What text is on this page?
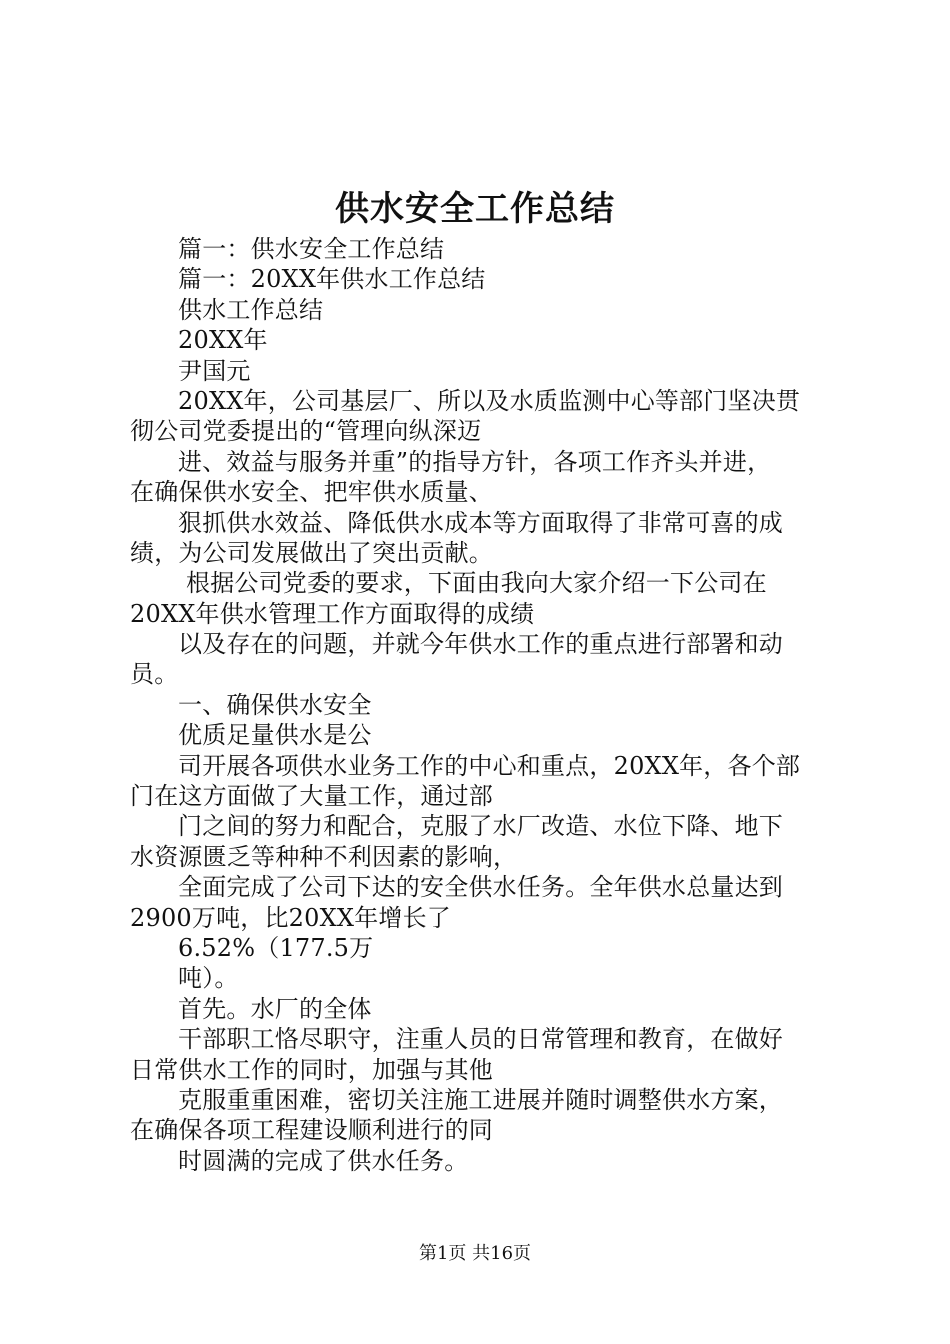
供水安全工作总结
篇一：供水安全工作总结
篇一：20XX年供水工作总结
供水工作总结
20XX年
尹国元
20XX年，公司基层厂、所以及水质监测中心等部门坚决贯
彻公司党委提出的“管理向纵深迈
进、效益与服务并重”的指导方针，各项工作齐头并进，
在确保供水安全、把牢供水质量、
狠抓供水效益、降低供水成本等方面取得了非常可喜的成
绩，为公司发展做出了突出贡献。
根据公司党委的要求，下面由我向大家介绍一下公司在
20XX年供水管理工作方面取得的成绩
以及存在的问题，并就今年供水工作的重点进行部署和动
员。
一、确保供水安全
优质足量供水是公
司开展各项供水业务工作的中心和重点，20XX年，各个部
门在这方面做了大量工作，通过部
门之间的努力和配合，克服了水厂改造、水位下降、地下
水资源匮乏等种种不利因素的影响，
全面完成了公司下达的安全供水任务。全年供水总量达到
2900万吨，比20XX年增长了
6.52%（177.5万
吨）。
首先。水厂的全体
干部职工恪尽职守，注重人员的日常管理和教育，在做好
日常供水工作的同时，加强与其他
克服重重困难，密切关注施工进展并随时调整供水方案，
在确保各项工程建设顺利进行的同
时圆满的完成了供水任务。
第1页 共16页
